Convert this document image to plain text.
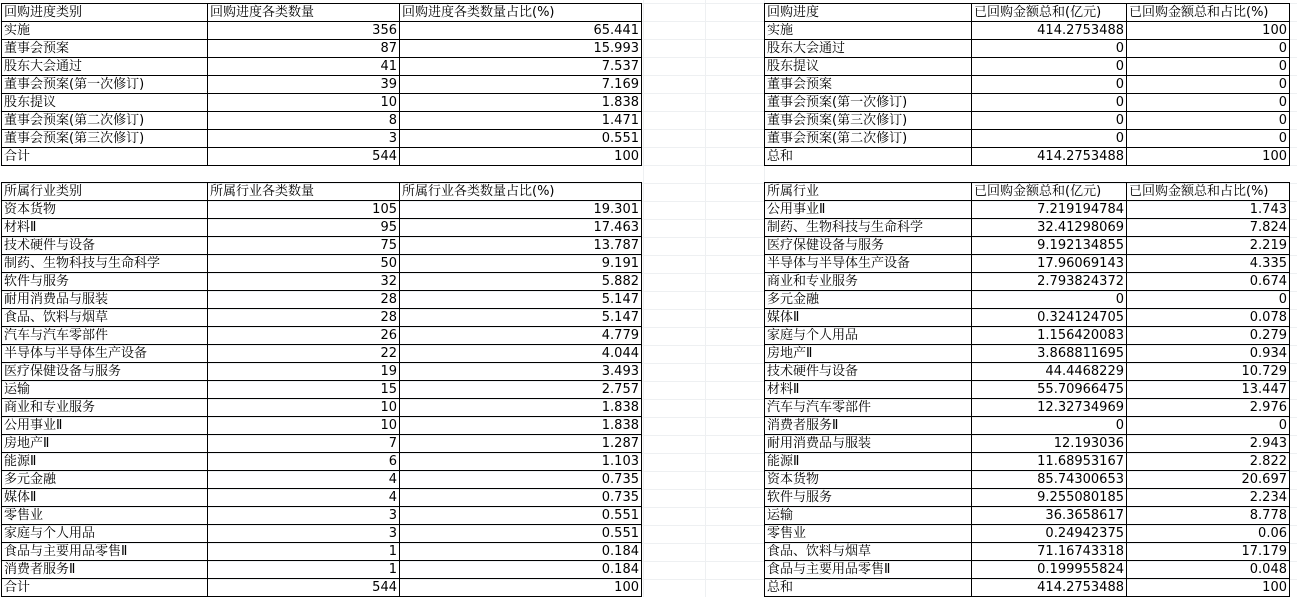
回购进度类别	回购进度各类数量	回购进度各类数量占比(%)
实施	356	65.441
董事会预案	87	15.993
股东大会通过	41	7.537
董事会预案(第一次修订)	39	7.169
股东提议	10	1.838
董事会预案(第二次修订)	8	1.471
董事会预案(第三次修订)	3	0.551
合计	544	100
回购进度	已回购金额总和(亿元)	已回购金额总和占比(%)
实施	414.2753488	100
股东大会通过	0	0
股东提议	0	0
董事会预案	0	0
董事会预案(第一次修订)	0	0
董事会预案(第三次修订)	0	0
董事会预案(第二次修订)	0	0
总和	414.2753488	100
所属行业类别	所属行业各类数量	所属行业各类数量占比(%)
资本货物	105	19.301
材料Ⅱ	95	17.463
技术硬件与设备	75	13.787
制药、生物科技与生命科学	50	9.191
软件与服务	32	5.882
耐用消费品与服装	28	5.147
食品、饮料与烟草	28	5.147
汽车与汽车零部件	26	4.779
半导体与半导体生产设备	22	4.044
医疗保健设备与服务	19	3.493
运输	15	2.757
商业和专业服务	10	1.838
公用事业Ⅱ	10	1.838
房地产Ⅱ	7	1.287
能源Ⅱ	6	1.103
多元金融	4	0.735
媒体Ⅱ	4	0.735
零售业	3	0.551
家庭与个人用品	3	0.551
食品与主要用品零售Ⅱ	1	0.184
消费者服务Ⅱ	1	0.184
合计	544	100
所属行业	已回购金额总和(亿元)	已回购金额总和占比(%)
公用事业Ⅱ	7.219194784	1.743
制药、生物科技与生命科学	32.41298069	7.824
医疗保健设备与服务	9.192134855	2.219
半导体与半导体生产设备	17.96069143	4.335
商业和专业服务	2.793824372	0.674
多元金融	0	0
媒体Ⅱ	0.324124705	0.078
家庭与个人用品	1.156420083	0.279
房地产Ⅱ	3.868811695	0.934
技术硬件与设备	44.4468229	10.729
材料Ⅱ	55.70966475	13.447
汽车与汽车零部件	12.32734969	2.976
消费者服务Ⅱ	0	0
耐用消费品与服装	12.193036	2.943
能源Ⅱ	11.68953167	2.822
资本货物	85.74300653	20.697
软件与服务	9.255080185	2.234
运输	36.3658617	8.778
零售业	0.24942375	0.06
食品、饮料与烟草	71.16743318	17.179
食品与主要用品零售Ⅱ	0.199955824	0.048
总和	414.2753488	100
